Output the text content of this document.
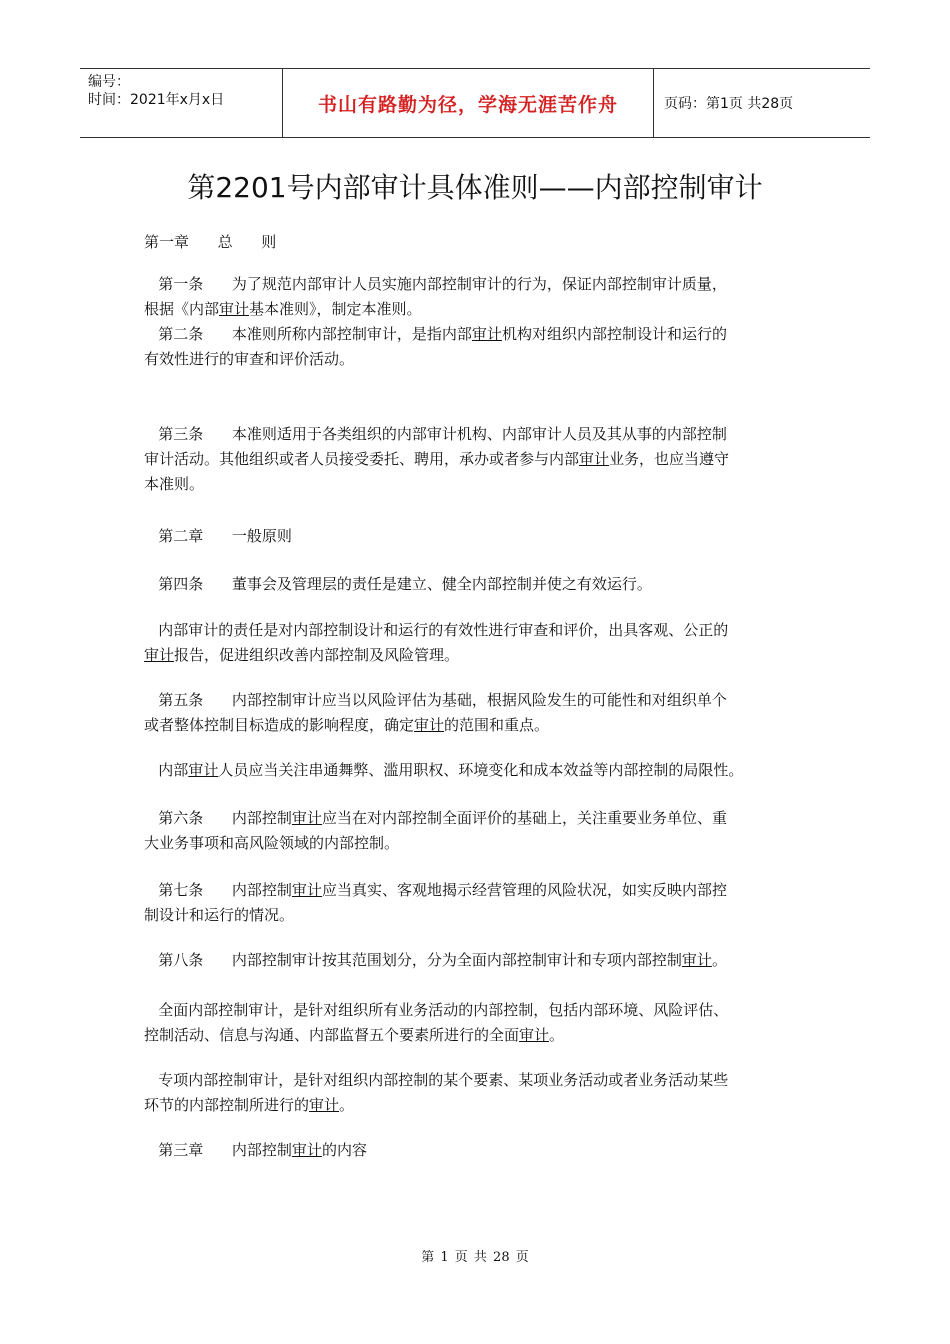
编号：
时间：2021年x月x日	书山有路勤为径，学海无涯苦作舟	页码：第1页 共28页
第2201号内部审计具体准则——内部控制审计

第一章      总      则

第一条      为了规范内部审计人员实施内部控制审计的行为，保证内部控制审计质量，
根据《内部审计基本准则》，制定本准则。

第二条      本准则所称内部控制审计，是指内部审计机构对组织内部控制设计和运行的
有效性进行的审查和评价活动。

第三条      本准则适用于各类组织的内部审计机构、内部审计人员及其从事的内部控制
审计活动。其他组织或者人员接受委托、聘用，承办或者参与内部审计业务，也应当遵守
本准则。

第二章      一般原则

第四条      董事会及管理层的责任是建立、健全内部控制并使之有效运行。

内部审计的责任是对内部控制设计和运行的有效性进行审查和评价，出具客观、公正的
审计报告，促进组织改善内部控制及风险管理。

第五条      内部控制审计应当以风险评估为基础，根据风险发生的可能性和对组织单个
或者整体控制目标造成的影响程度，确定审计的范围和重点。

内部审计人员应当关注串通舞弊、滥用职权、环境变化和成本效益等内部控制的局限性。

第六条      内部控制审计应当在对内部控制全面评价的基础上，关注重要业务单位、重
大业务事项和高风险领域的内部控制。

第七条      内部控制审计应当真实、客观地揭示经营管理的风险状况，如实反映内部控
制设计和运行的情况。

第八条      内部控制审计按其范围划分，分为全面内部控制审计和专项内部控制审计。

全面内部控制审计，是针对组织所有业务活动的内部控制，包括内部环境、风险评估、
控制活动、信息与沟通、内部监督五个要素所进行的全面审计。

专项内部控制审计，是针对组织内部控制的某个要素、某项业务活动或者业务活动某些
环节的内部控制所进行的审计。

第三章      内部控制审计的内容

第 1 页 共 28 页
